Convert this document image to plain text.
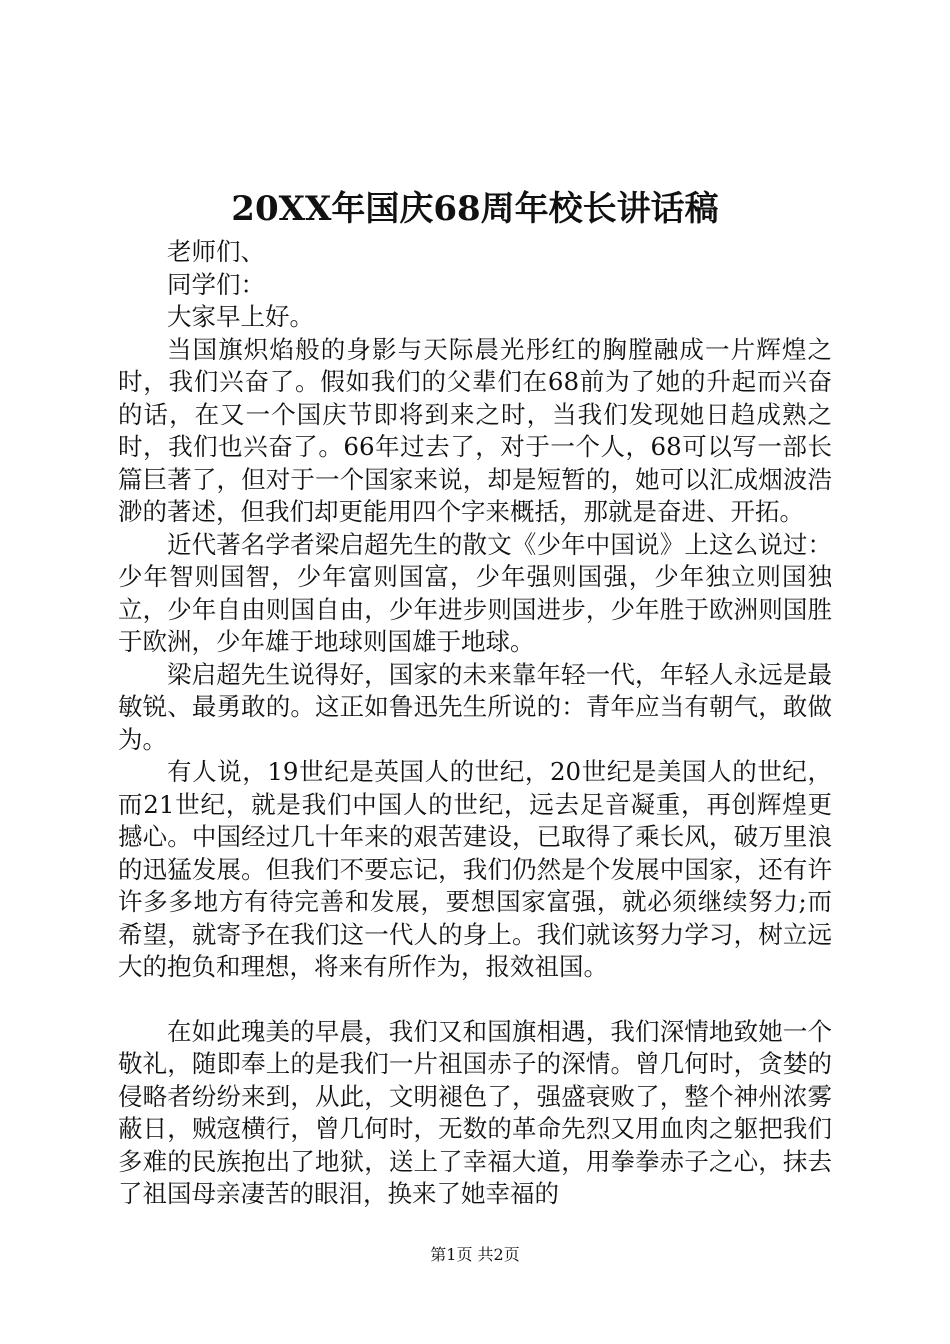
20XX年国庆68周年校长讲话稿

老师们、

同学们：

大家早上好。

当国旗炽焰般的身影与天际晨光彤红的胸膛融成一片辉煌之时，我们兴奋了。假如我们的父辈们在68前为了她的升起而兴奋的话，在又一个国庆节即将到来之时，当我们发现她日趋成熟之时，我们也兴奋了。66年过去了，对于一个人，68可以写一部长篇巨著了，但对于一个国家来说，却是短暂的，她可以汇成烟波浩渺的著述，但我们却更能用四个字来概括，那就是奋进、开拓。

近代著名学者梁启超先生的散文《少年中国说》上这么说过：少年智则国智，少年富则国富，少年强则国强，少年独立则国独立，少年自由则国自由，少年进步则国进步，少年胜于欧洲则国胜于欧洲，少年雄于地球则国雄于地球。

梁启超先生说得好，国家的未来靠年轻一代，年轻人永远是最敏锐、最勇敢的。这正如鲁迅先生所说的：青年应当有朝气，敢做为。

有人说，19世纪是英国人的世纪，20世纪是美国人的世纪，而21世纪，就是我们中国人的世纪，远去足音凝重，再创辉煌更撼心。中国经过几十年来的艰苦建设，已取得了乘长风，破万里浪的迅猛发展。但我们不要忘记，我们仍然是个发展中国家，还有许许多多地方有待完善和发展，要想国家富强，就必须继续努力;而希望，就寄予在我们这一代人的身上。我们就该努力学习，树立远大的抱负和理想，将来有所作为，报效祖国。

在如此瑰美的早晨，我们又和国旗相遇，我们深情地致她一个敬礼，随即奉上的是我们一片祖国赤子的深情。曾几何时，贪婪的侵略者纷纷来到，从此，文明褪色了，强盛衰败了，整个神州浓雾蔽日，贼寇横行，曾几何时，无数的革命先烈又用血肉之躯把我们多难的民族抱出了地狱，送上了幸福大道，用拳拳赤子之心，抹去了祖国母亲凄苦的眼泪，换来了她幸福的

第1页 共2页
